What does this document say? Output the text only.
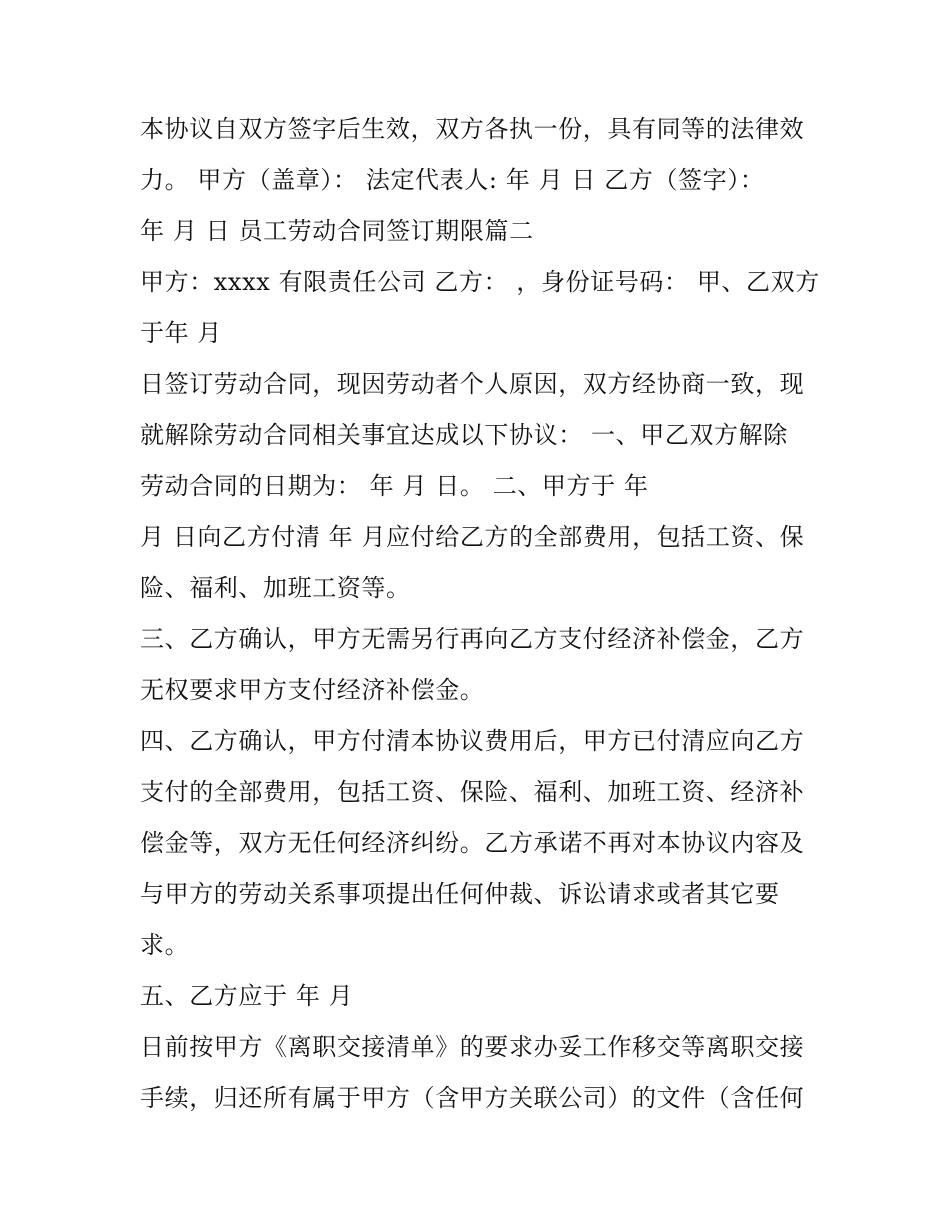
本协议自双方签字后生效，双方各执一份，具有同等的法律效
力。 甲方（盖章）： 法定代表人: 年 月 日 乙方（签字）：
年 月 日 员工劳动合同签订期限篇二
甲方：xxxx 有限责任公司 乙方： ，身份证号码： 甲、乙双方
于年 月
日签订劳动合同，现因劳动者个人原因，双方经协商一致，现
就解除劳动合同相关事宜达成以下协议： 一、甲乙双方解除
劳动合同的日期为： 年 月 日。 二、甲方于 年
月 日向乙方付清 年 月应付给乙方的全部费用，包括工资、保
险、福利、加班工资等。
三、乙方确认，甲方无需另行再向乙方支付经济补偿金，乙方
无权要求甲方支付经济补偿金。
四、乙方确认，甲方付清本协议费用后，甲方已付清应向乙方
支付的全部费用，包括工资、保险、福利、加班工资、经济补
偿金等，双方无任何经济纠纷。乙方承诺不再对本协议内容及
与甲方的劳动关系事项提出任何仲裁、诉讼请求或者其它要
求。
五、乙方应于 年 月
日前按甲方《离职交接清单》的要求办妥工作移交等离职交接
手续，归还所有属于甲方（含甲方关联公司）的文件（含任何
